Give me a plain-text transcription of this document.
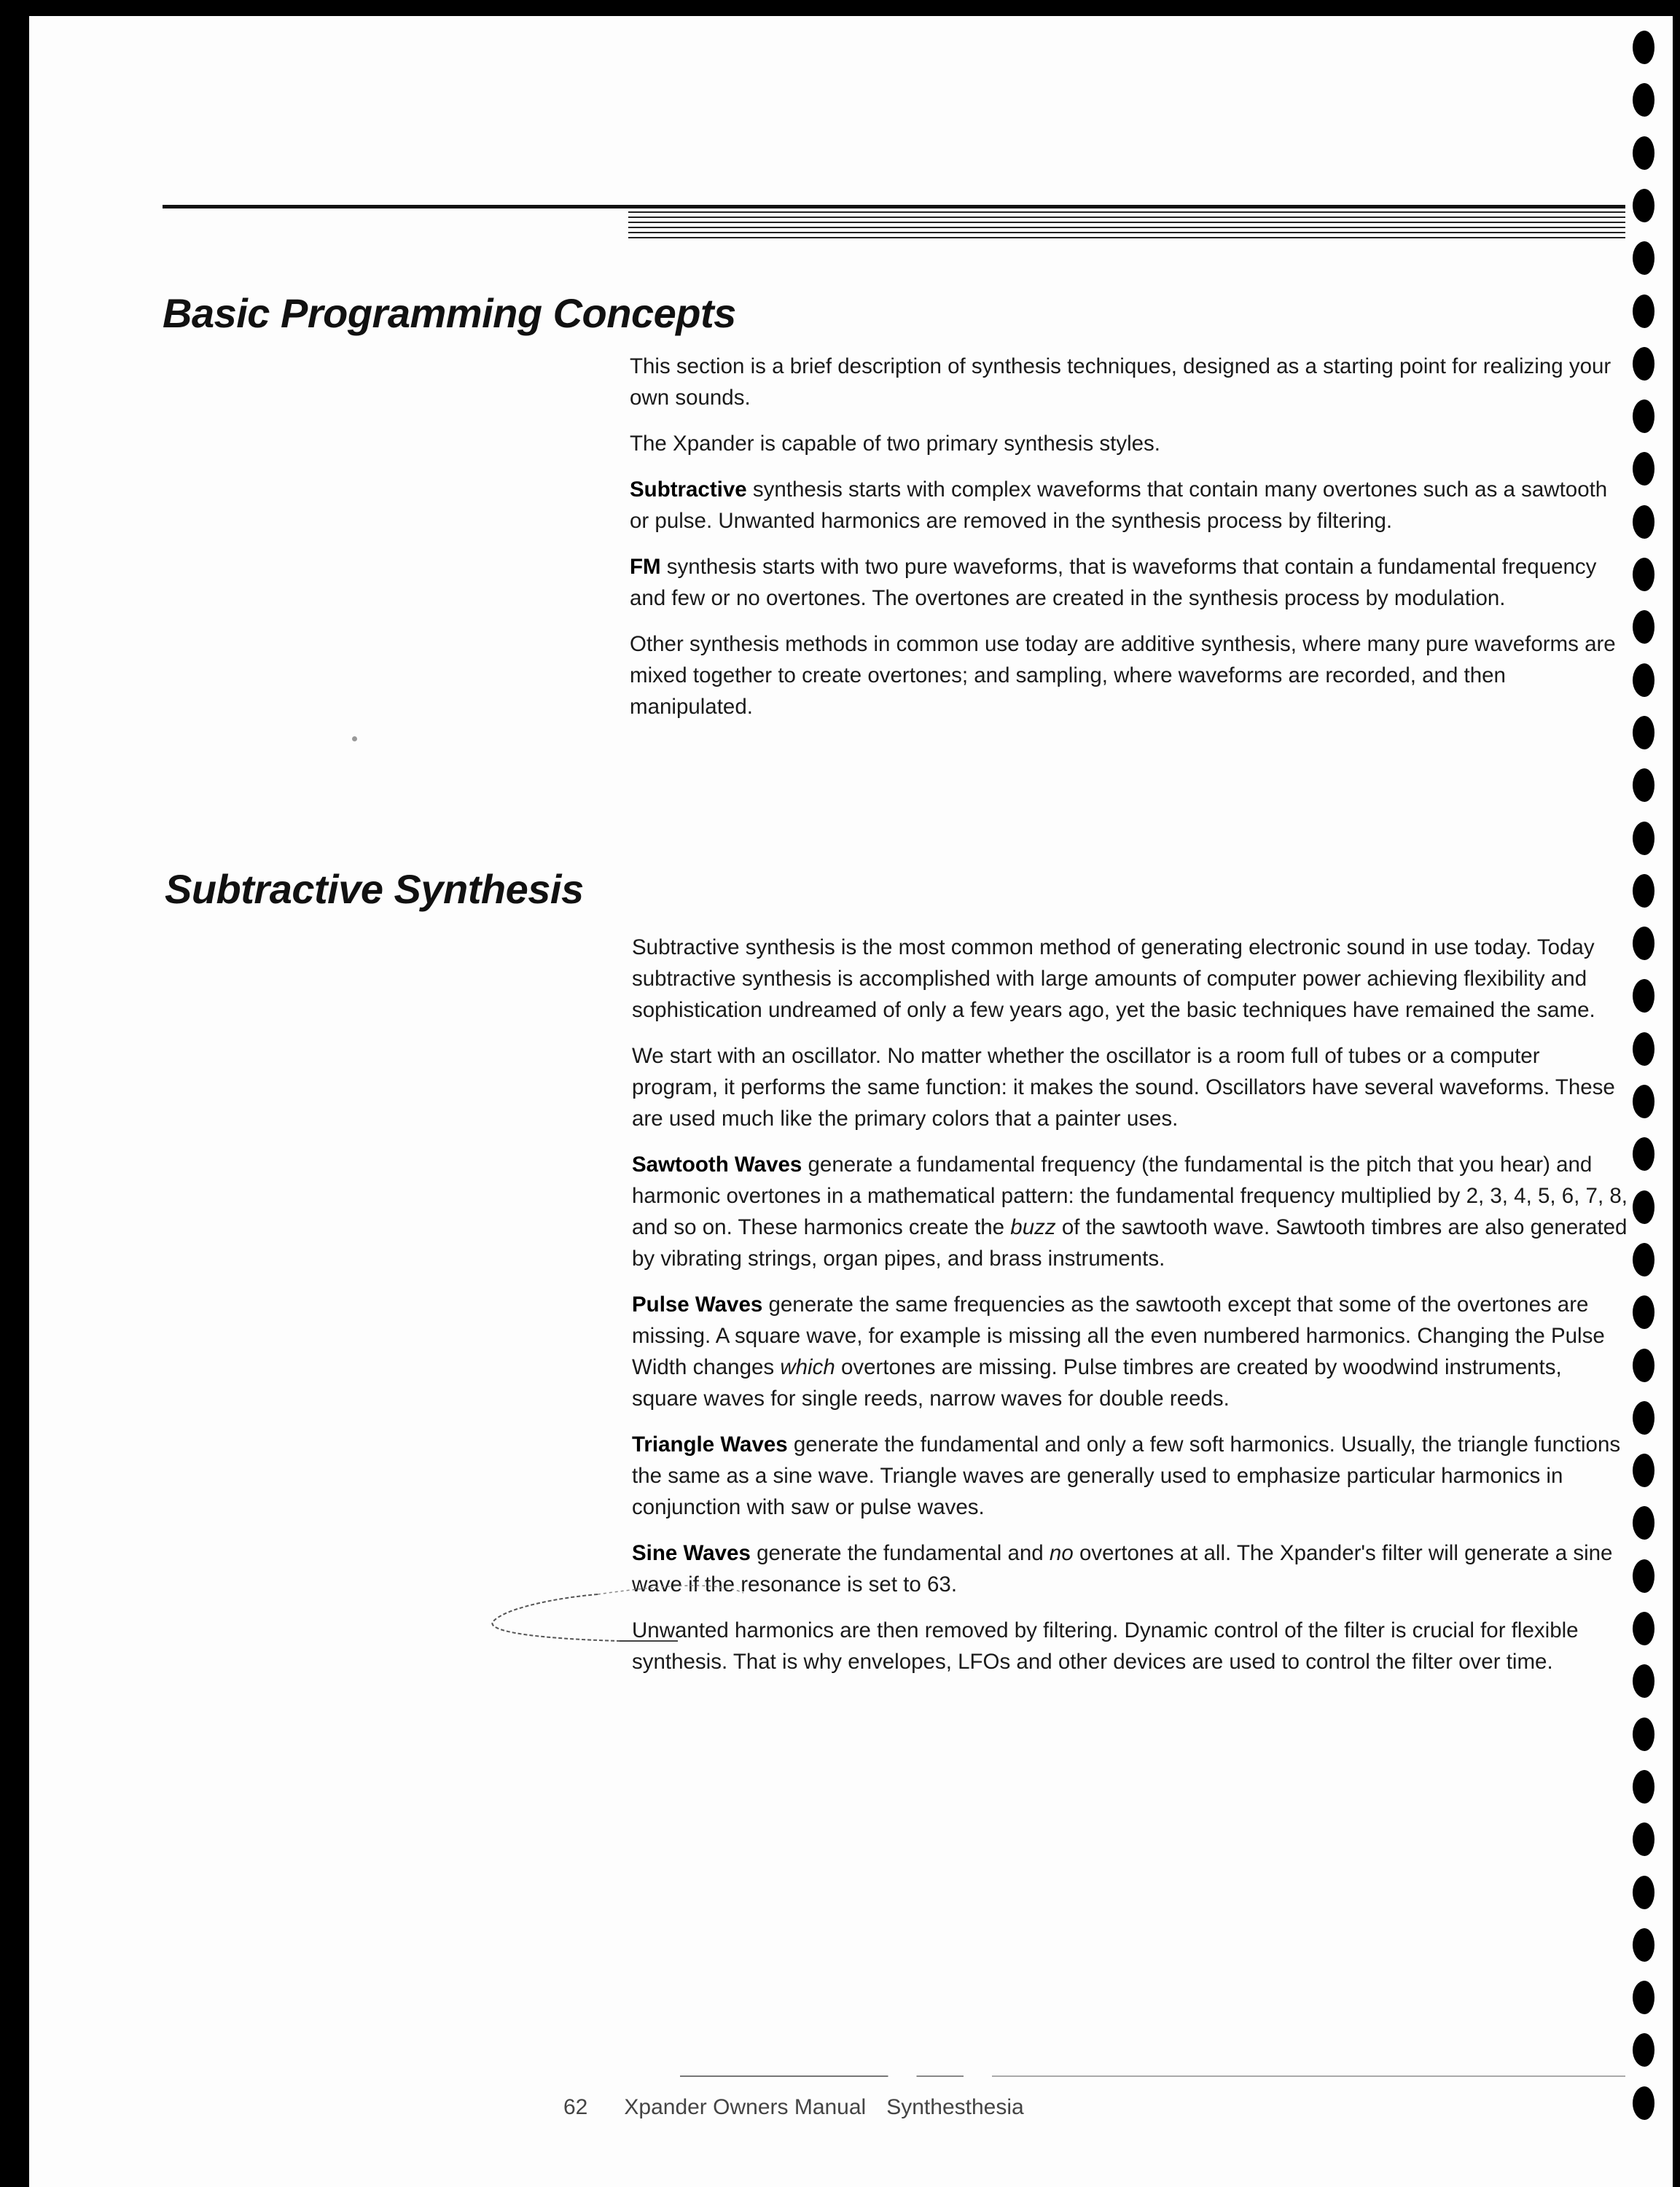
Basic Programming Concepts

This section is a brief description of synthesis techniques, designed as a starting point for realizing your own sounds.

The Xpander is capable of two primary synthesis styles.

Subtractive synthesis starts with complex waveforms that contain many overtones such as a sawtooth or pulse. Unwanted harmonics are removed in the synthesis process by filtering.

FM synthesis starts with two pure waveforms, that is waveforms that contain a fundamental frequency and few or no overtones. The overtones are created in the synthesis process by modulation.

Other synthesis methods in common use today are additive synthesis, where many pure waveforms are mixed together to create overtones; and sampling, where waveforms are recorded, and then manipulated.

Subtractive Synthesis

Subtractive synthesis is the most common method of generating electronic sound in use today. Today subtractive synthesis is accomplished with large amounts of computer power achieving flexibility and sophistication undreamed of only a few years ago, yet the basic techniques have remained the same.

We start with an oscillator. No matter whether the oscillator is a room full of tubes or a computer program, it performs the same function: it makes the sound. Oscillators have several waveforms. These are used much like the primary colors that a painter uses.

Sawtooth Waves generate a fundamental frequency (the fundamental is the pitch that you hear) and harmonic overtones in a mathematical pattern: the fundamental frequency multiplied by 2, 3, 4, 5, 6, 7, 8, and so on. These harmonics create the buzz of the sawtooth wave. Sawtooth timbres are also generated by vibrating strings, organ pipes, and brass instruments.

Pulse Waves generate the same frequencies as the sawtooth except that some of the overtones are missing. A square wave, for example is missing all the even numbered harmonics. Changing the Pulse Width changes which overtones are missing. Pulse timbres are created by woodwind instruments, square waves for single reeds, narrow waves for double reeds.

Triangle Waves generate the fundamental and only a few soft harmonics. Usually, the triangle functions the same as a sine wave. Triangle waves are generally used to emphasize particular harmonics in conjunction with saw or pulse waves.

Sine Waves generate the fundamental and no overtones at all. The Xpander's filter will generate a sine wave if the resonance is set to 63.

Unwanted harmonics are then removed by filtering. Dynamic control of the filter is crucial for flexible synthesis. That is why envelopes, LFOs and other devices are used to control the filter over time.

62 Xpander Owners Manual Synthesthesia
